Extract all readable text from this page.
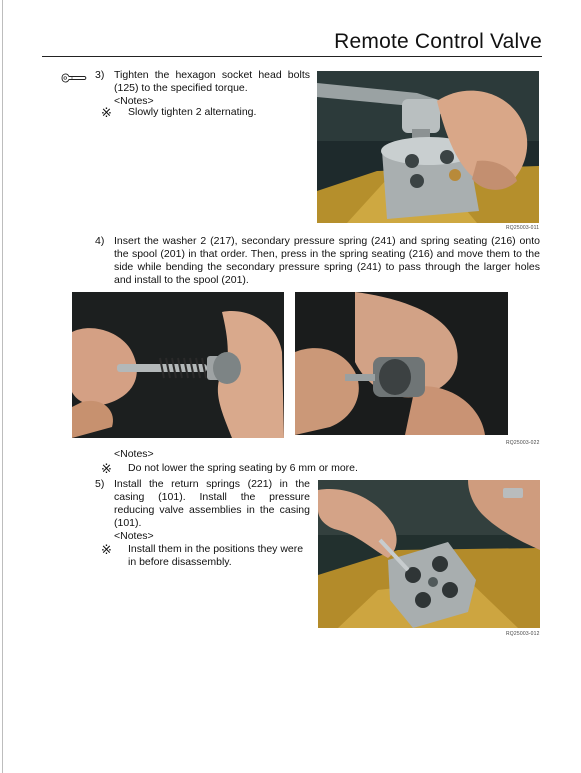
Remote Control Valve
3) Tighten the hexagon socket head bolts
(125) to the specified torque.
<Notes>
※ Slowly tighten 2 alternating.
RQ25003-011
4) Insert the washer 2 (217), secondary pressure spring (241) and spring seating (216) onto
the spool (201) in that order. Then, press in the spring seating (216) and move them to the
side while bending the secondary pressure spring (241) to pass through the larger holes
and install to the spool (201).
RQ25003-022
<Notes>
※ Do not lower the spring seating by 6 mm or more.
5) Install the return springs (221) in the
casing (101). Install the pressure
reducing valve assemblies in the casing
(101).
<Notes>
※ Install them in the positions they were
in before disassembly.
RQ25003-012
